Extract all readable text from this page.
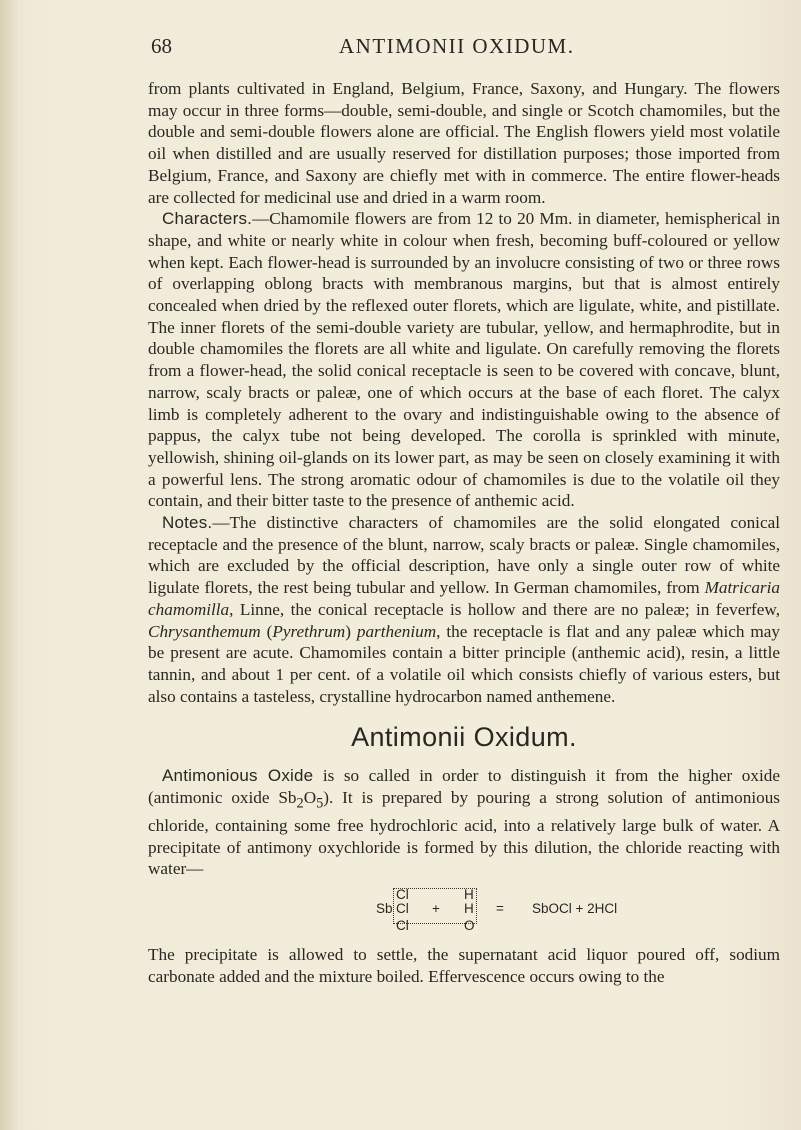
68	ANTIMONII OXIDUM.

from plants cultivated in England, Belgium, France, Saxony, and Hungary. The flowers may occur in three forms—double, semi-double, and single or Scotch chamomiles, but the double and semi-double flowers alone are official. The English flowers yield most volatile oil when distilled and are usually reserved for distillation purposes; those imported from Belgium, France, and Saxony are chiefly met with in commerce. The entire flower-heads are collected for medicinal use and dried in a warm room.

Characters.—Chamomile flowers are from 12 to 20 Mm. in diameter, hemispherical in shape, and white or nearly white in colour when fresh, becoming buff-coloured or yellow when kept. Each flower-head is surrounded by an involucre consisting of two or three rows of overlapping oblong bracts with membranous margins, but that is almost entirely concealed when dried by the reflexed outer florets, which are ligulate, white, and pistillate. The inner florets of the semi-double variety are tubular, yellow, and hermaphrodite, but in double chamomiles the florets are all white and ligulate. On carefully removing the florets from a flower-head, the solid conical receptacle is seen to be covered with concave, blunt, narrow, scaly bracts or paleæ, one of which occurs at the base of each floret. The calyx limb is completely adherent to the ovary and indistinguishable owing to the absence of pappus, the calyx tube not being developed. The corolla is sprinkled with minute, yellowish, shining oil-glands on its lower part, as may be seen on closely examining it with a powerful lens. The strong aromatic odour of chamomiles is due to the volatile oil they contain, and their bitter taste to the presence of anthemic acid.

Notes.—The distinctive characters of chamomiles are the solid elongated conical receptacle and the presence of the blunt, narrow, scaly bracts or paleæ. Single chamomiles, which are excluded by the official description, have only a single outer row of white ligulate florets, the rest being tubular and yellow. In German chamomiles, from Matricaria chamomilla, Linne, the conical receptacle is hollow and there are no paleæ; in feverfew, Chrysanthemum (Pyrethrum) parthenium, the receptacle is flat and any paleæ which may be present are acute. Chamomiles contain a bitter principle (anthemic acid), resin, a little tannin, and about 1 per cent. of a volatile oil which consists chiefly of various esters, but also contains a tasteless, crystalline hydrocarbon named anthemene.

Antimonii Oxidum.

Antimonious Oxide is so called in order to distinguish it from the higher oxide (antimonic oxide $Sb_2O_5$). It is prepared by pouring a strong solution of antimonious chloride, containing some free hydrochloric acid, into a relatively large bulk of water. A precipitate of antimony oxychloride is formed by this dilution, the chloride reacting with water—

Sb
Cl
Cl
Cl
+
H
H
O
= SbOCl + 2HCl

The precipitate is allowed to settle, the supernatant acid liquor poured off, sodium carbonate added and the mixture boiled. Effervescence occurs owing to the
